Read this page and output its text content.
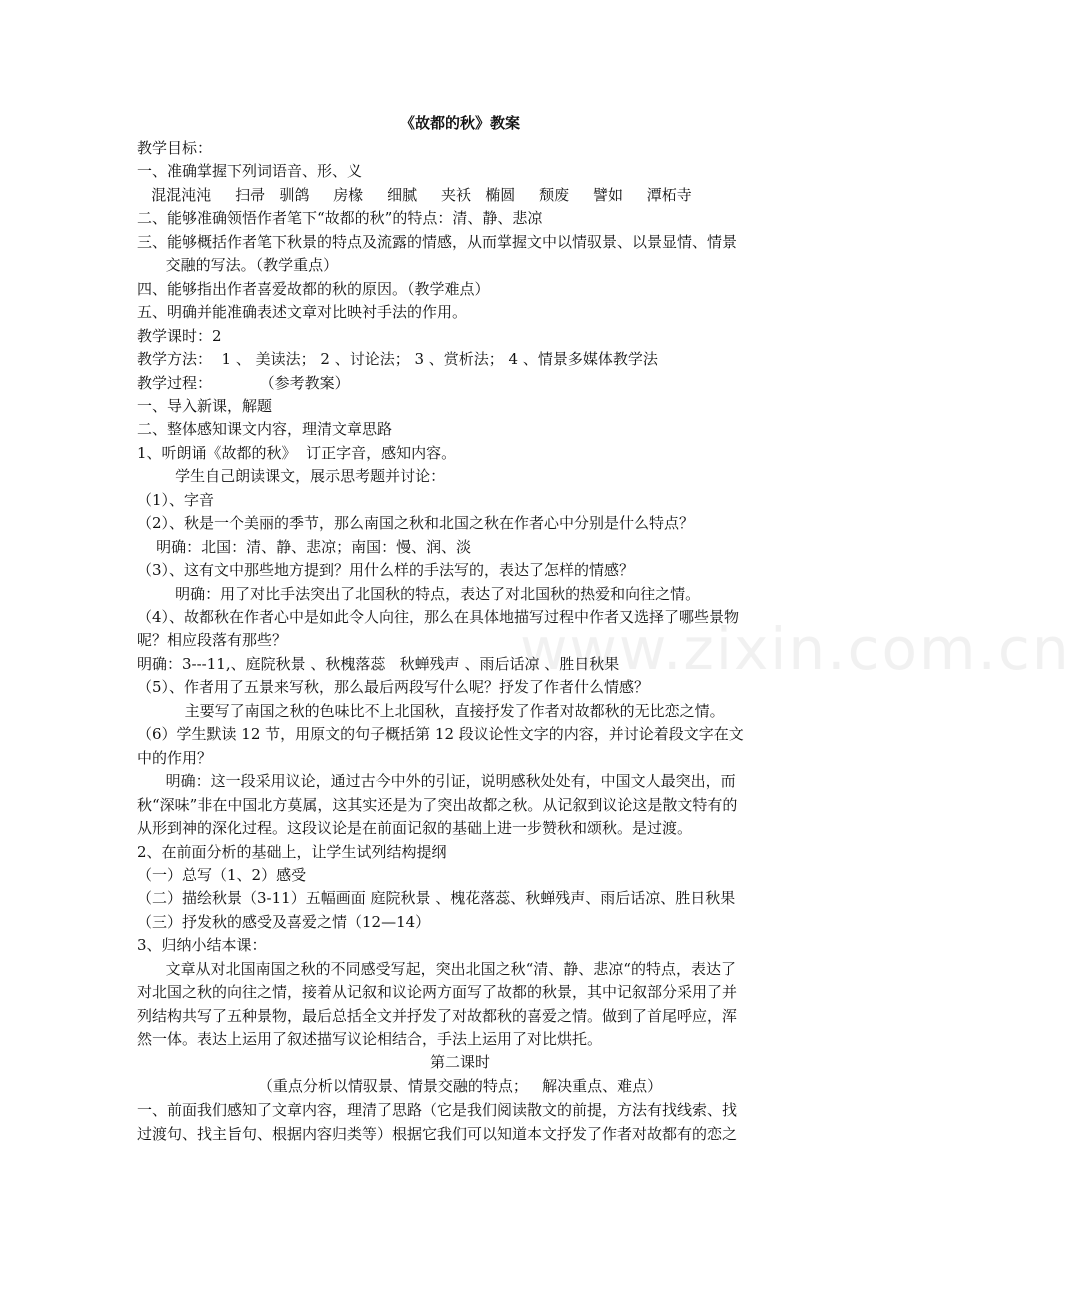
www.zixin.com.cn
《故都的秋》教案
教学目标：
一、准确掌握下列词语音、形、义
混混沌沌     扫帚   驯鸽     房椽     细腻     夹袄   椭圆     颓废     譬如     潭柘寺
二、能够准确领悟作者笔下“故都的秋”的特点：清、静、悲凉
三、能够概括作者笔下秋景的特点及流露的情感，从而掌握文中以情驭景、以景显情、情景
交融的写法。（教学重点）
四、能够指出作者喜爱故都的秋的原因。（教学难点）
五、明确并能准确表述文章对比映衬手法的作用。
教学课时：2
教学方法：  1 、 美读法； 2 、讨论法； 3 、赏析法； 4 、情景多媒体教学法
教学过程：          （参考教案）
一、导入新课，解题
二、整体感知课文内容，理清文章思路
1、听朗诵《故都的秋》  订正字音，感知内容。
学生自己朗读课文，展示思考题并讨论：
（1）、字音
（2）、秋是一个美丽的季节，那么南国之秋和北国之秋在作者心中分别是什么特点？
明确：北国：清、静、悲凉；南国：慢、润、淡
（3）、这有文中那些地方提到？用什么样的手法写的，表达了怎样的情感？
明确：用了对比手法突出了北国秋的特点，表达了对北国秋的热爱和向往之情。
（4）、故都秋在作者心中是如此令人向往，那么在具体地描写过程中作者又选择了哪些景物
呢？相应段落有那些？
明确：3---11,、庭院秋景 、秋槐落蕊   秋蝉残声 、雨后话凉 、胜日秋果
（5）、作者用了五景来写秋，那么最后两段写什么呢？抒发了作者什么情感？
主要写了南国之秋的色味比不上北国秋，直接抒发了作者对故都秋的无比恋之情。
（6）学生默读 12 节，用原文的句子概括第 12 段议论性文字的内容，并讨论着段文字在文
中的作用？
明确：这一段采用议论，通过古今中外的引证，说明感秋处处有，中国文人最突出，而
秋“深味”非在中国北方莫属，这其实还是为了突出故都之秋。从记叙到议论这是散文特有的
从形到神的深化过程。这段议论是在前面记叙的基础上进一步赞秋和颂秋。是过渡。
2、在前面分析的基础上，让学生试列结构提纲
（一）总写（1、2）感受
（二）描绘秋景（3-11）五幅画面 庭院秋景 、槐花落蕊、秋蝉残声、雨后话凉、胜日秋果
（三）抒发秋的感受及喜爱之情（12—14）
3、归纳小结本课：
文章从对北国南国之秋的不同感受写起，突出北国之秋“清、静、悲凉“的特点，表达了
对北国之秋的向往之情，接着从记叙和议论两方面写了故都的秋景，其中记叙部分采用了并
列结构共写了五种景物，最后总括全文并抒发了对故都秋的喜爱之情。做到了首尾呼应，浑
然一体。表达上运用了叙述描写议论相结合，手法上运用了对比烘托。
第二课时
（重点分析以情驭景、情景交融的特点；   解决重点、难点）
一、前面我们感知了文章内容，理清了思路（它是我们阅读散文的前提，方法有找线索、找
过渡句、找主旨句、根据内容归类等）根据它我们可以知道本文抒发了作者对故都有的恋之
